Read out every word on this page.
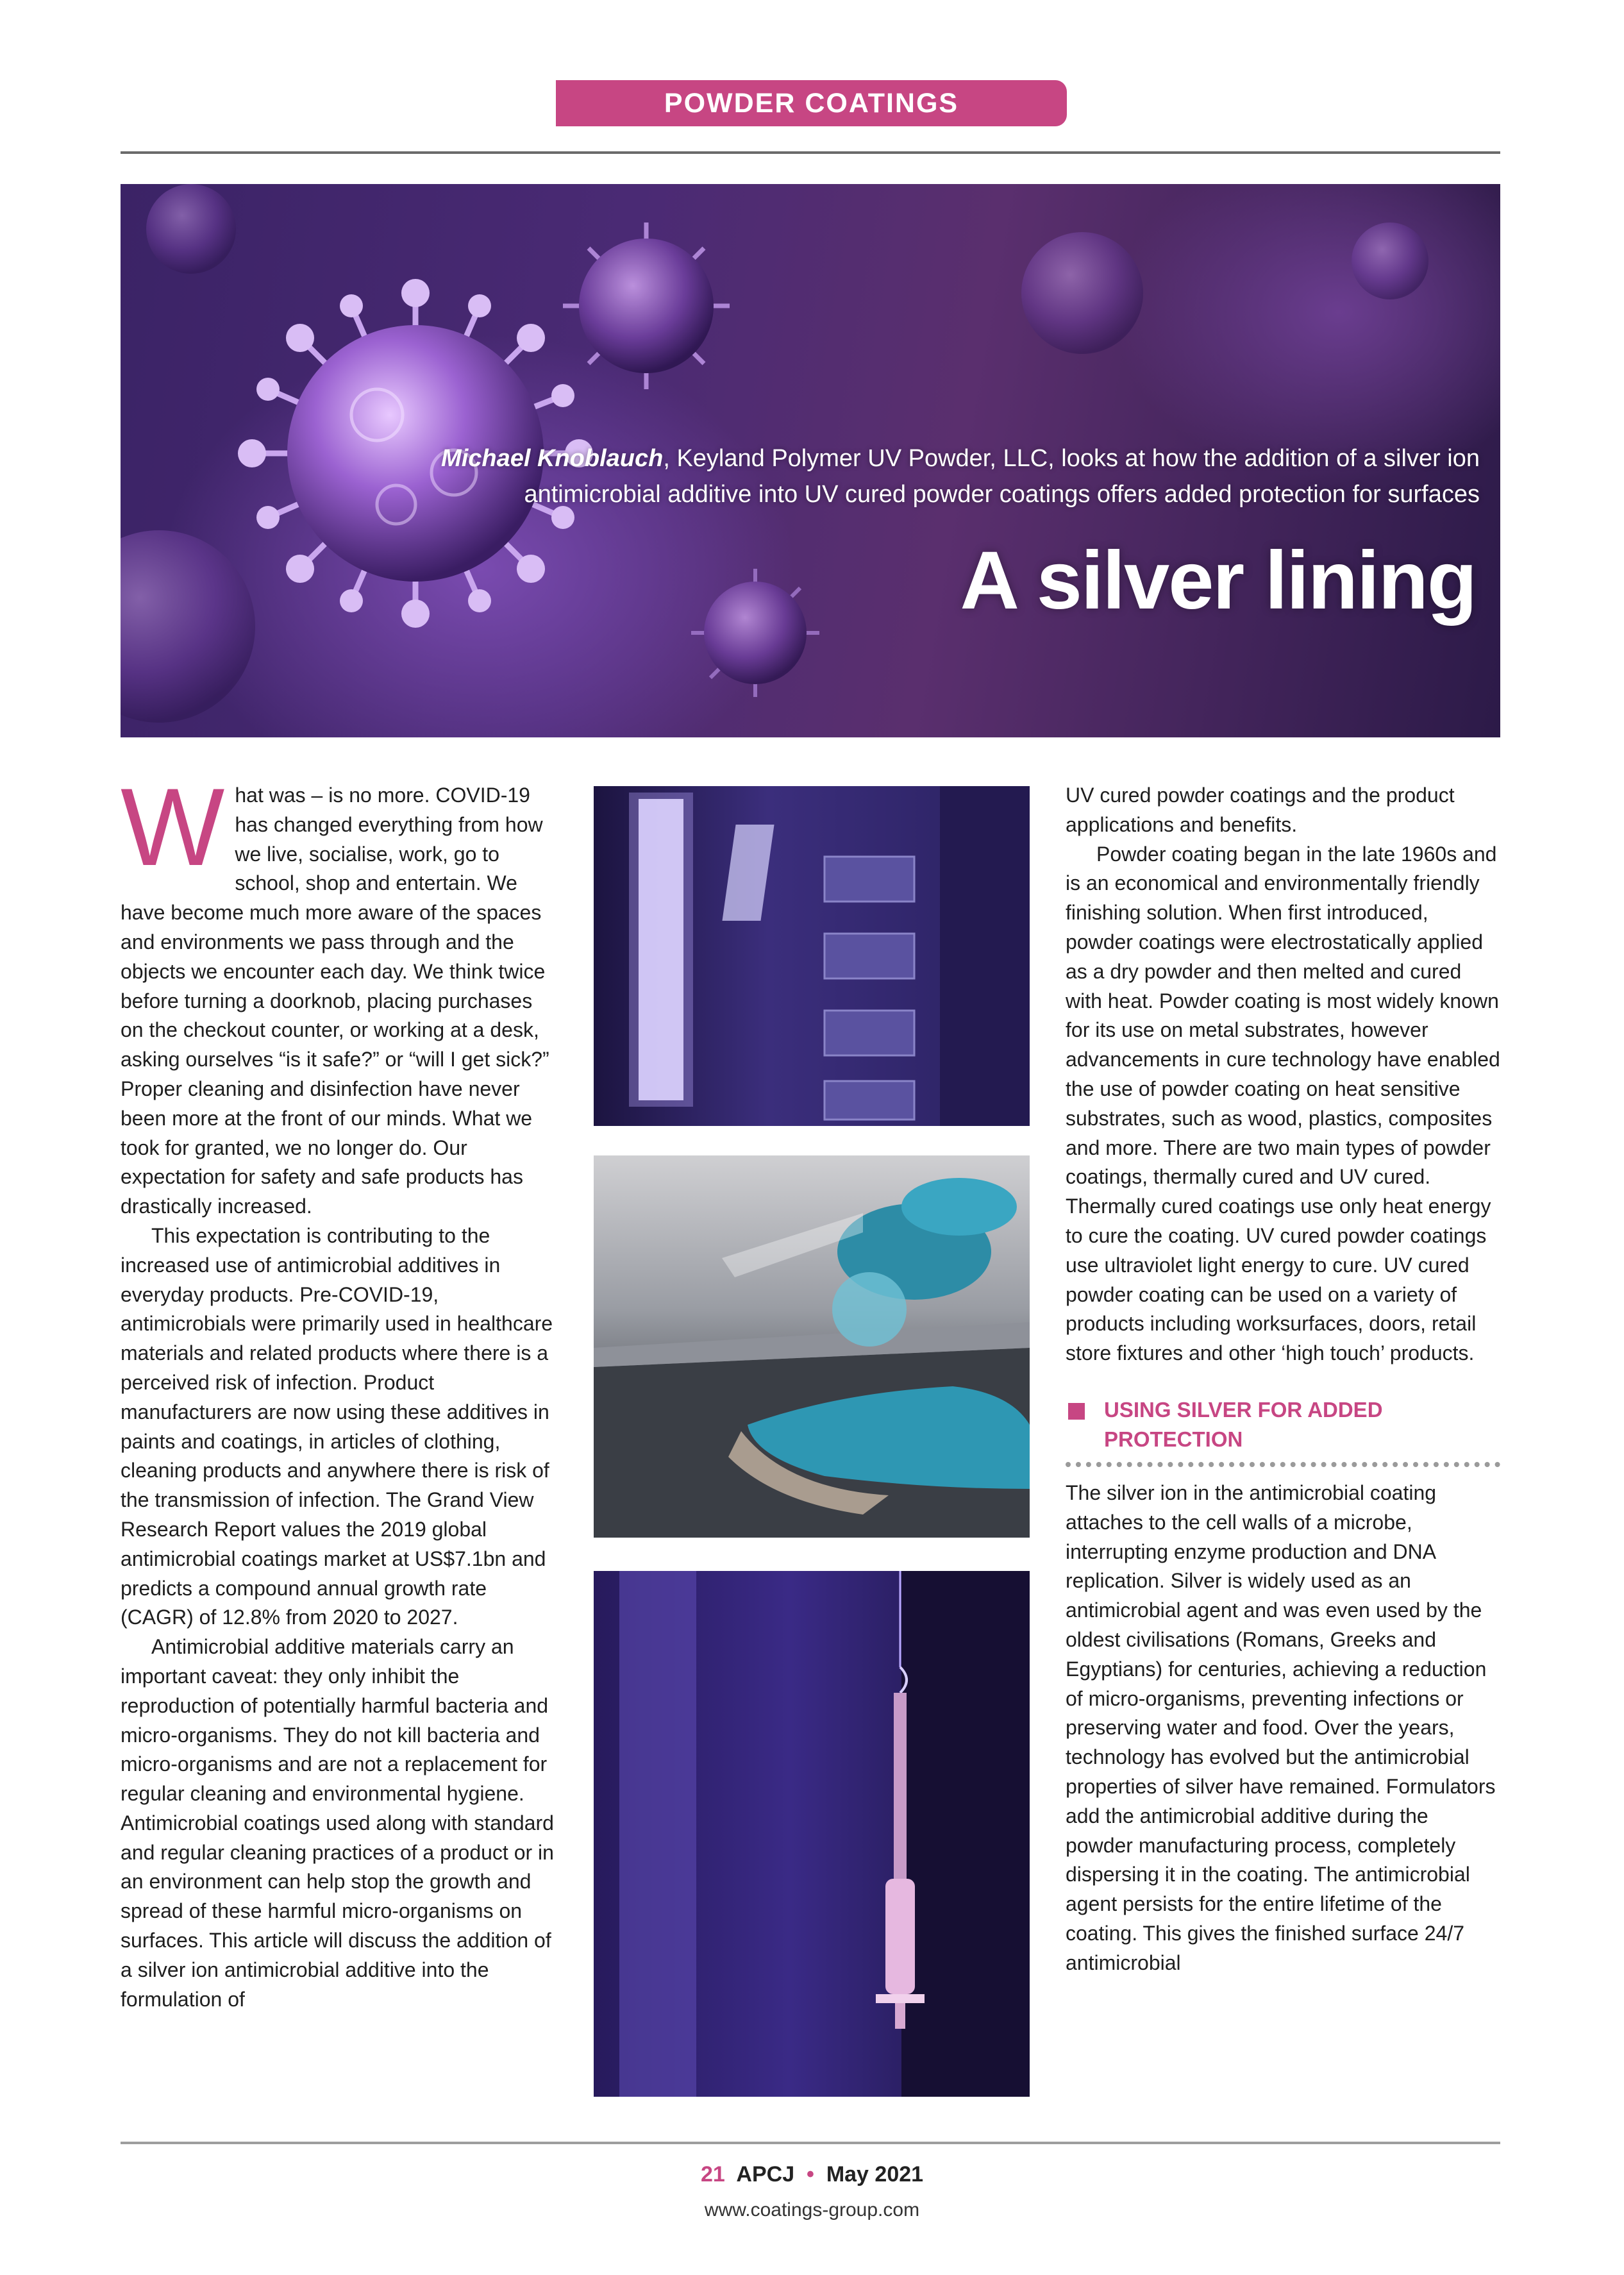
POWDER COATINGS
Michael Knoblauch, Keyland Polymer UV Powder, LLC, looks at how the addition of a silver ion
antimicrobial additive into UV cured powder coatings offers added protection for surfaces
A silver lining

What was – is no more. COVID-19 has changed everything from how we live, socialise, work, go to school, shop and entertain. We have become much more aware of the spaces and environments we pass through and the objects we encounter each day. We think twice before turning a doorknob, placing purchases on the checkout counter, or working at a desk, asking ourselves “is it safe?” or “will I get sick?” Proper cleaning and disinfection have never been more at the front of our minds. What we took for granted, we no longer do. Our expectation for safety and safe products has drastically increased.

This expectation is contributing to the increased use of antimicrobial additives in everyday products. Pre-COVID-19, antimicrobials were primarily used in healthcare materials and related products where there is a perceived risk of infection. Product manufacturers are now using these additives in paints and coatings, in articles of clothing, cleaning products and anywhere there is risk of the transmission of infection. The Grand View Research Report values the 2019 global antimicrobial coatings market at US$7.1bn and predicts a compound annual growth rate (CAGR) of 12.8% from 2020 to 2027.

Antimicrobial additive materials carry an important caveat: they only inhibit the reproduction of potentially harmful bacteria and micro-organisms. They do not kill bacteria and micro-organisms and are not a replacement for regular cleaning and environmental hygiene. Antimicrobial coatings used along with standard and regular cleaning practices of a product or in an environment can help stop the growth and spread of these harmful micro-organisms on surfaces. This article will discuss the addition of a silver ion antimicrobial additive into the formulation of

UV cured powder coatings and the product applications and benefits.

Powder coating began in the late 1960s and is an economical and environmentally friendly finishing solution. When first introduced, powder coatings were electrostatically applied as a dry powder and then melted and cured with heat. Powder coating is most widely known for its use on metal substrates, however advancements in cure technology have enabled the use of powder coating on heat sensitive substrates, such as wood, plastics, composites and more. There are two main types of powder coatings, thermally cured and UV cured. Thermally cured coatings use only heat energy to cure the coating. UV cured powder coatings use ultraviolet light energy to cure. UV cured powder coating can be used on a variety of products including worksurfaces, doors, retail store fixtures and other ‘high touch’ products.

USING SILVER FOR ADDED PROTECTION

The silver ion in the antimicrobial coating attaches to the cell walls of a microbe, interrupting enzyme production and DNA replication. Silver is widely used as an antimicrobial agent and was even used by the oldest civilisations (Romans, Greeks and Egyptians) for centuries, achieving a reduction of micro-organisms, preventing infections or preserving water and food. Over the years, technology has evolved but the antimicrobial properties of silver have remained. Formulators add the antimicrobial additive during the powder manufacturing process, completely dispersing it in the coating. The antimicrobial agent persists for the entire lifetime of the coating. This gives the finished surface 24/7 antimicrobial

21 APCJ • May 2021
www.coatings-group.com
